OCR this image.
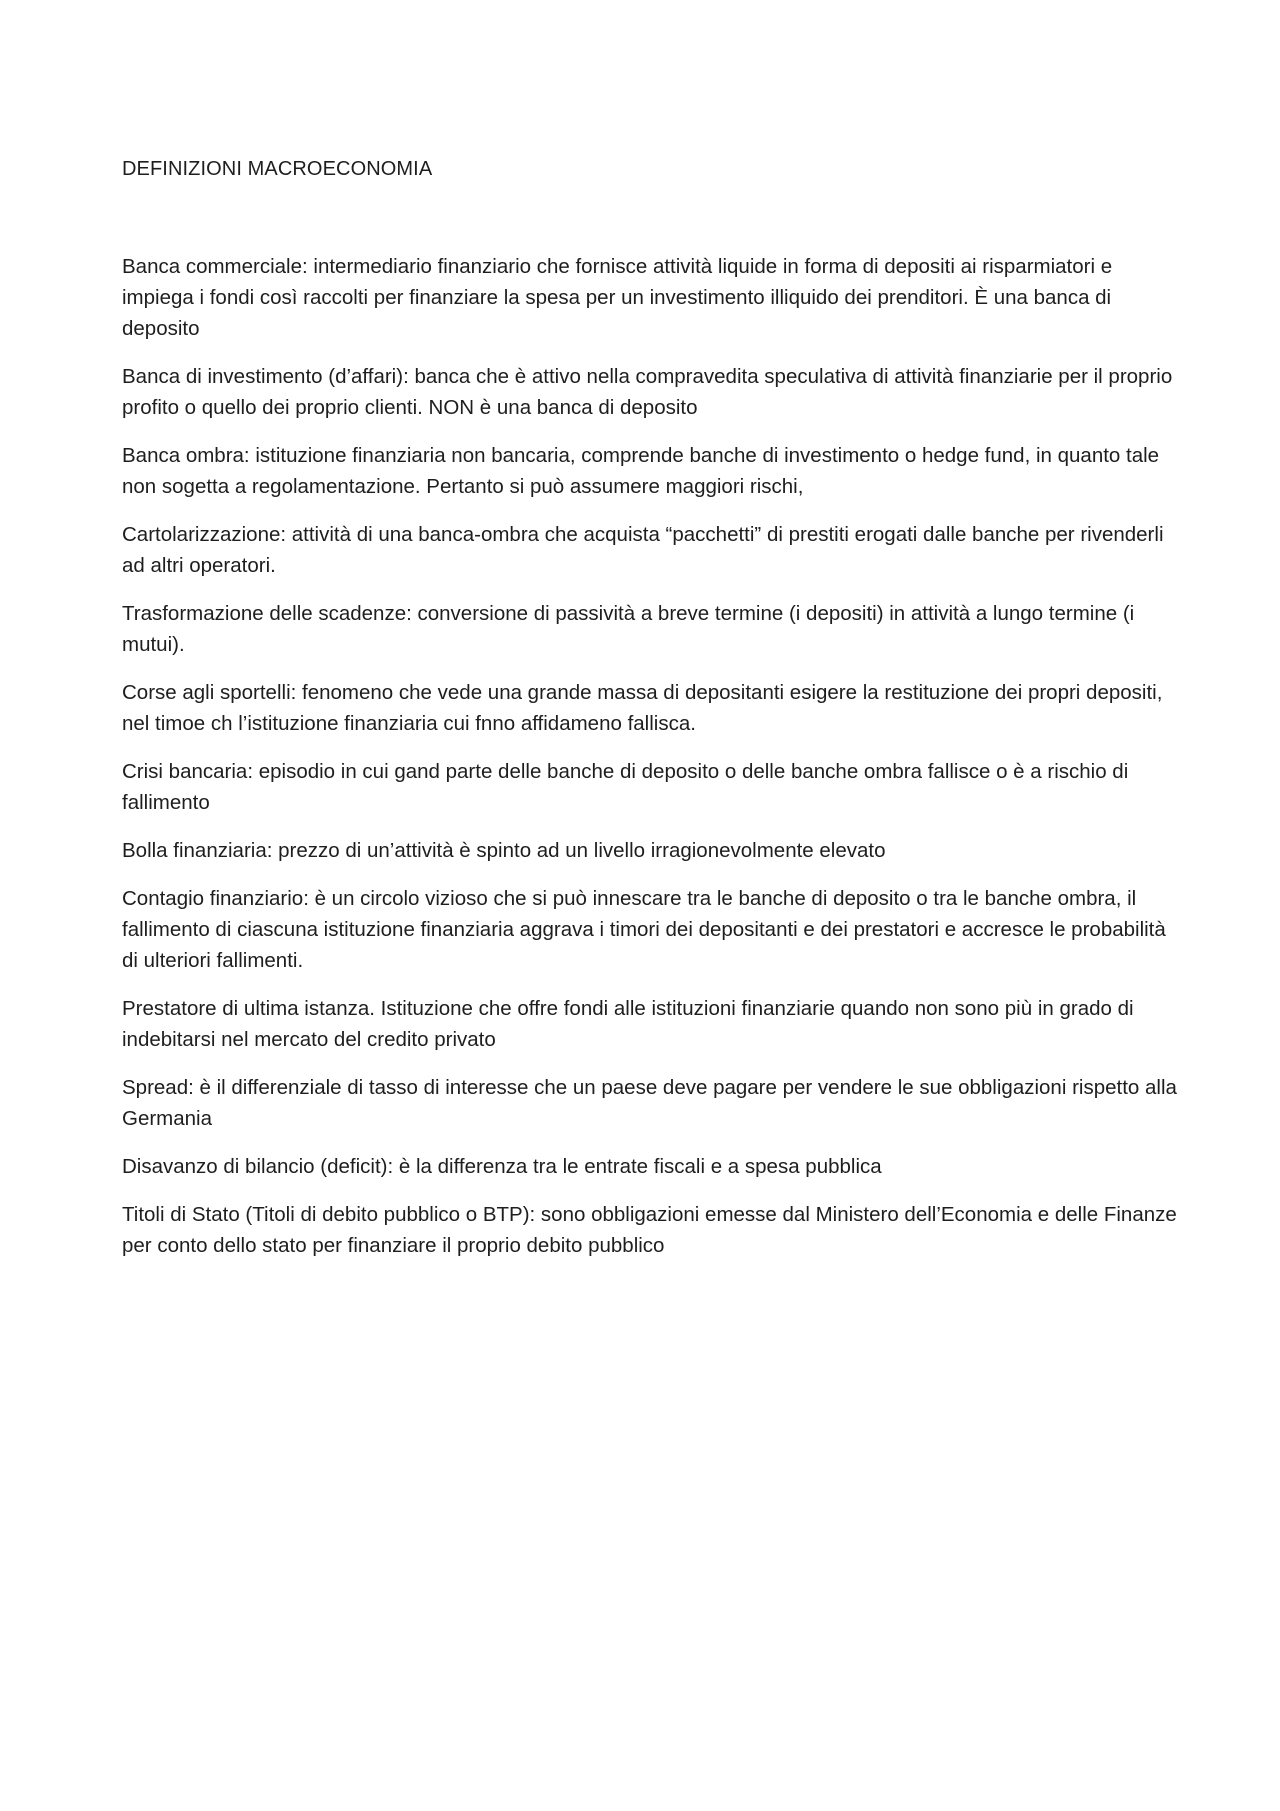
DEFINIZIONI MACROECONOMIA

Banca commerciale: intermediario finanziario che fornisce attività liquide in forma di depositi ai risparmiatori e impiega i fondi così raccolti per finanziare la spesa per un investimento illiquido dei prenditori. È una banca di deposito

Banca di investimento (d’affari): banca che è attivo nella compravedita speculativa di attività finanziarie per il proprio profito o quello dei proprio clienti. NON è una banca di deposito

Banca ombra: istituzione finanziaria non bancaria, comprende banche di investimento o hedge fund, in quanto tale non sogetta a regolamentazione. Pertanto si può assumere maggiori rischi,

Cartolarizzazione: attività di una banca-ombra che acquista “pacchetti” di prestiti erogati dalle banche per rivenderli ad altri operatori.

Trasformazione delle scadenze: conversione di passività a breve termine (i depositi) in attività a lungo termine (i mutui).

Corse agli sportelli: fenomeno che vede una grande massa di depositanti esigere la restituzione dei propri depositi, nel timoe ch l’istituzione finanziaria cui fnno affidameno fallisca.

Crisi bancaria: episodio in cui gand parte delle banche di deposito o delle banche ombra fallisce o è a rischio di fallimento

Bolla finanziaria: prezzo di un’attività è spinto ad un livello irragionevolmente elevato

Contagio finanziario: è un circolo vizioso che si può innescare tra le banche di deposito o tra le banche ombra, il fallimento di ciascuna istituzione finanziaria aggrava i timori dei depositanti e dei prestatori e accresce le probabilità di ulteriori fallimenti.

Prestatore di ultima istanza. Istituzione che offre fondi alle istituzioni finanziarie quando non sono più in grado di indebitarsi nel mercato del credito privato

Spread: è il differenziale di tasso di interesse che un paese deve pagare per vendere le sue obbligazioni rispetto alla Germania

Disavanzo di bilancio (deficit): è la differenza tra le entrate fiscali e a spesa pubblica

Titoli di Stato (Titoli di debito pubblico o BTP): sono obbligazioni emesse dal Ministero dell’Economia e delle Finanze per conto dello stato per finanziare il proprio debito pubblico
